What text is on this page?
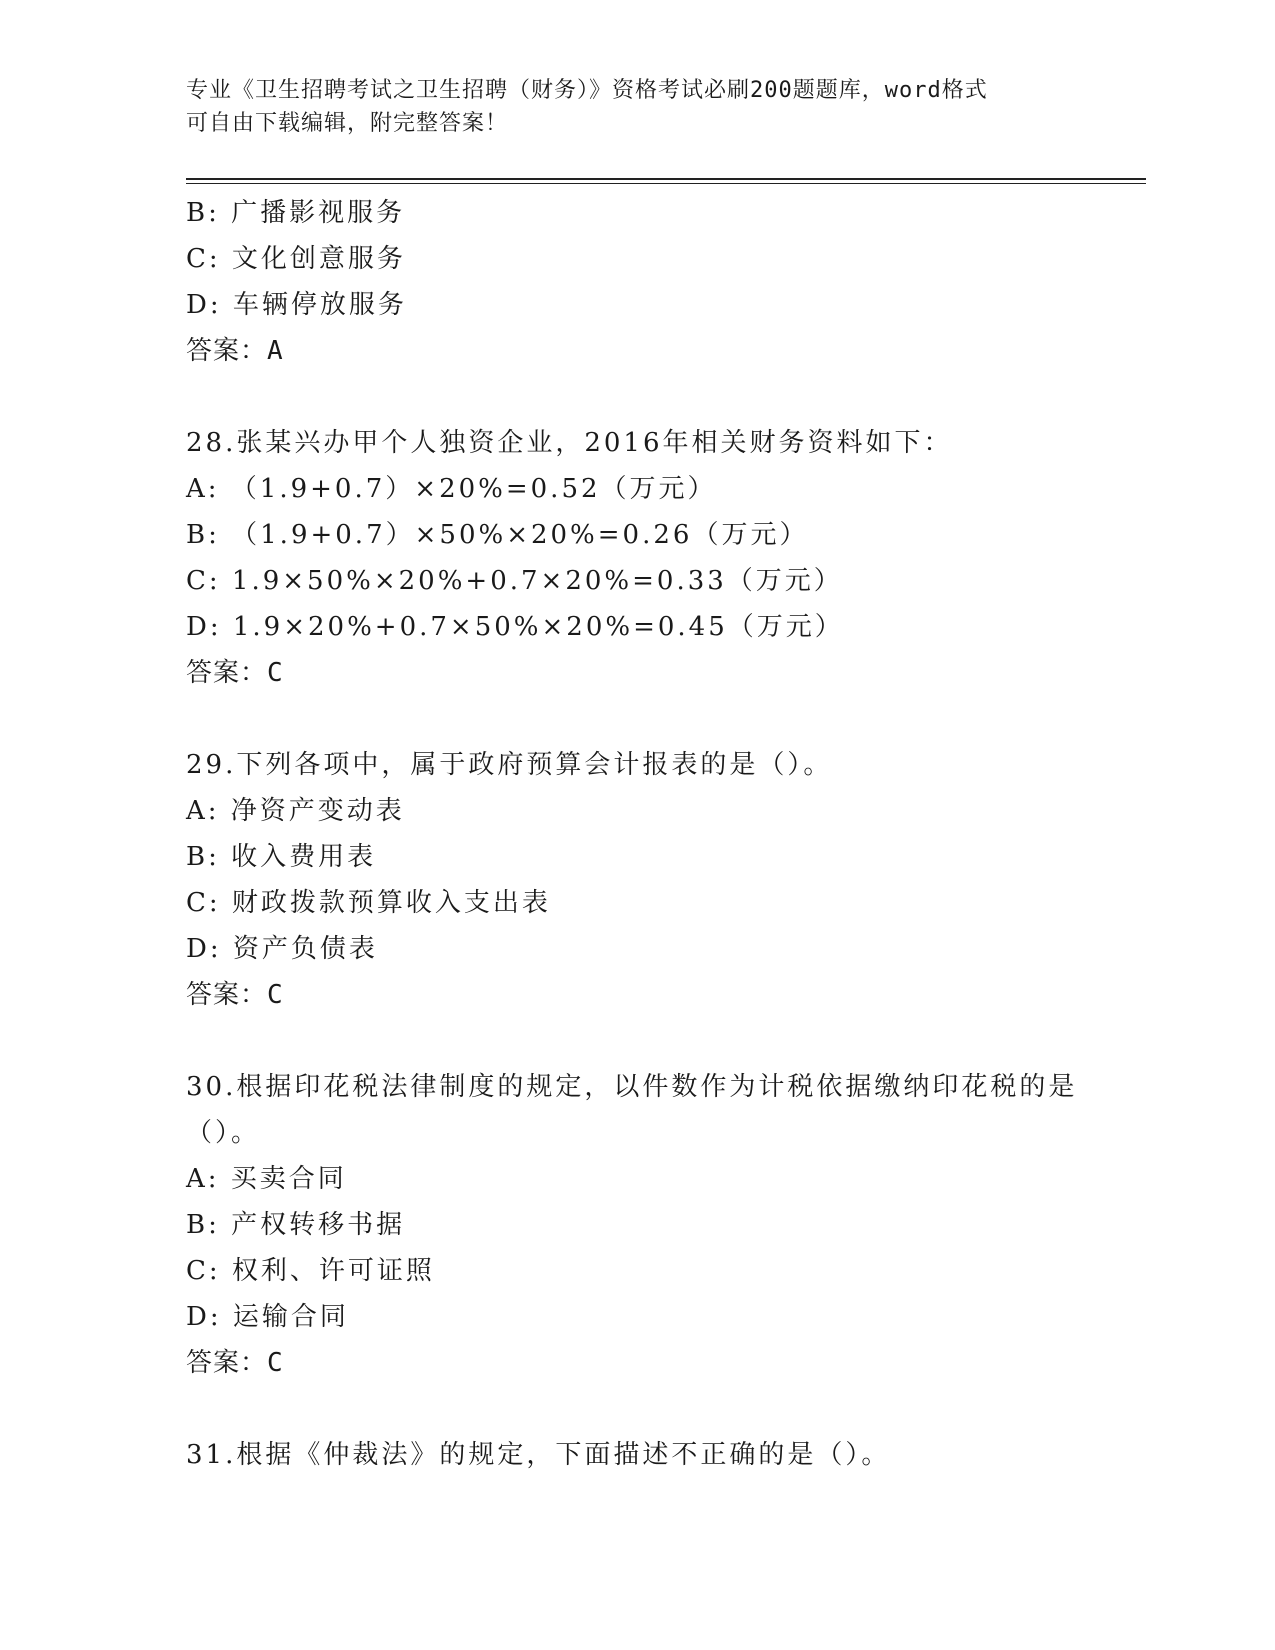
专业《卫生招聘考试之卫生招聘（财务）》资格考试必刷200题题库，word格式
可自由下载编辑，附完整答案！
B: 广播影视服务
C: 文化创意服务
D: 车辆停放服务
答案：A
28.张某兴办甲个人独资企业，2016年相关财务资料如下：
A: （1.9+0.7）×20%=0.52（万元）
B: （1.9+0.7）×50%×20%=0.26（万元）
C: 1.9×50%×20%+0.7×20%=0.33（万元）
D: 1.9×20%+0.7×50%×20%=0.45（万元）
答案：C
29.下列各项中，属于政府预算会计报表的是（）。
A: 净资产变动表
B: 收入费用表
C: 财政拨款预算收入支出表
D: 资产负债表
答案：C
30.根据印花税法律制度的规定，以件数作为计税依据缴纳印花税的是
（）。
A: 买卖合同
B: 产权转移书据
C: 权利、许可证照
D: 运输合同
答案：C
31.根据《仲裁法》的规定，下面描述不正确的是（）。
